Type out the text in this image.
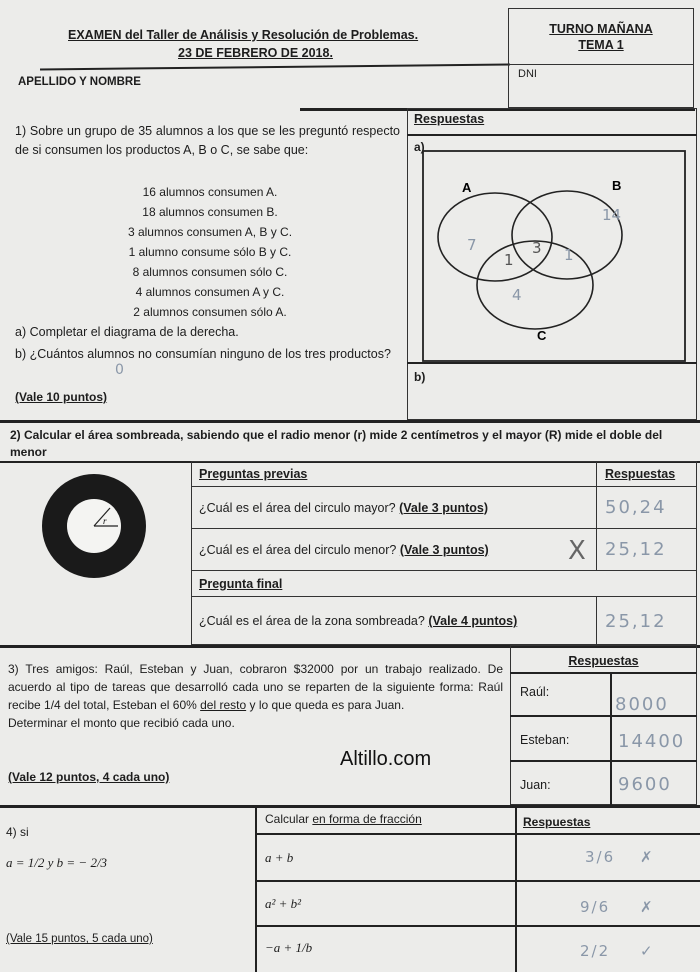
EXAMEN del Taller de Análisis y Resolución de Problemas.
23 DE FEBRERO DE 2018.
TURNO MAÑANA
TEMA 1
DNI
APELLIDO Y NOMBRE
1) Sobre un grupo de 35 alumnos a los que se les preguntó respecto de si consumen los productos A, B o C, se sabe que:
16 alumnos consumen A.
18 alumnos consumen B.
3 alumnos consumen A, B y C.
1 alumno consume sólo B y C.
8 alumnos consumen sólo C.
4 alumnos consumen A y C.
2 alumnos consumen sólo A.
a) Completar el diagrama de la derecha.
b) ¿Cuántos alumnos no consumían ninguno de los tres productos?
0
(Vale 10 puntos)
Respuestas
a)
b)
A	B
C
7
14
3 1
1
4
2) Calcular el área sombreada, sabiendo que el radio menor (r) mide 2 centímetros y el mayor (R) mide el doble del menor
r
Preguntas previas	Respuestas
¿Cuál es el área del circulo mayor?
(Vale 3 puntos)	50,24
¿Cuál es el área del circulo menor?
(Vale 3 puntos)	X 25,12
Pregunta final
¿Cuál es el área de la zona sombreada?
(Vale 4 puntos)	25,12
3) Tres amigos: Raúl, Esteban y Juan, cobraron $32000 por un trabajo realizado. De acuerdo al tipo de tareas que desarrolló cada uno se reparten de la siguiente forma: Raúl recibe 1/4 del total, Esteban el 60% del resto y lo que queda es para Juan.
Determinar el monto que recibió cada uno.
(Vale 12 puntos, 4 cada uno)
Altillo.com
Respuestas
Raúl:
8000
Esteban:	14400
Juan:	9600
4) si
a = 1/2 y b = − 2/3
(Vale 15 puntos, 5 cada uno)
Calcular en forma de fracción	Respuestas
a + b	3/6 ✗
a² + b²	9/6 ✗
−a + 1/b	2/2 ✓
